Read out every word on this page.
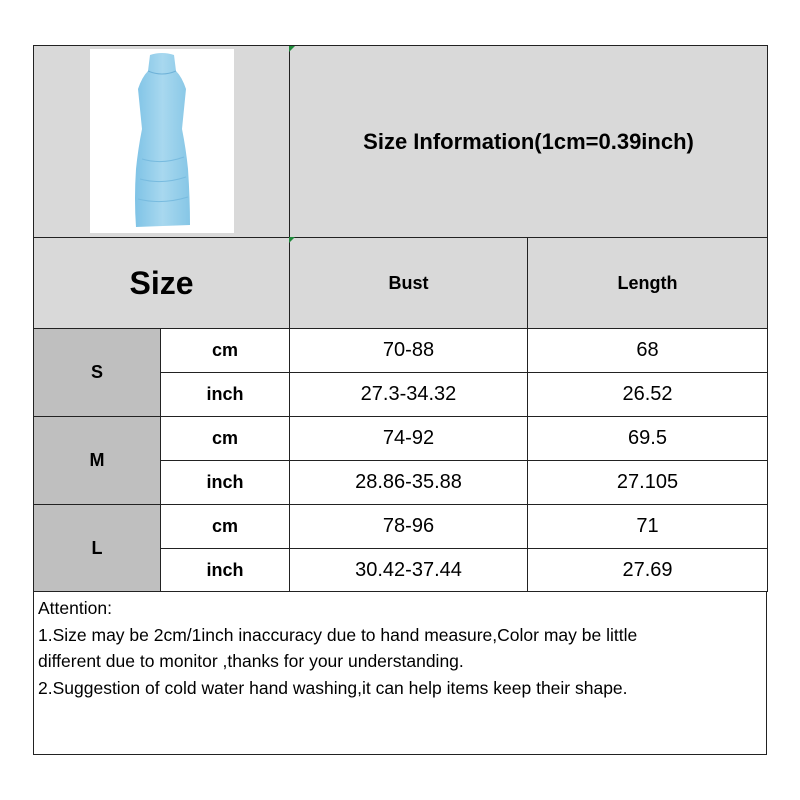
	Size Information(1cm=0.39inch)	
Size		Bust	Length
S	cm	70-88	68
	inch	27.3-34.32	26.52
M	cm	74-92	69.5
	inch	28.86-35.88	27.105
L	cm	78-96	71
	inch	30.42-37.44	27.69
Attention:
1.Size may be 2cm/1inch inaccuracy due to hand measure,Color may be little
different due to monitor ,thanks for your understanding.
2.Suggestion of cold water hand washing,it can help items keep their shape.
